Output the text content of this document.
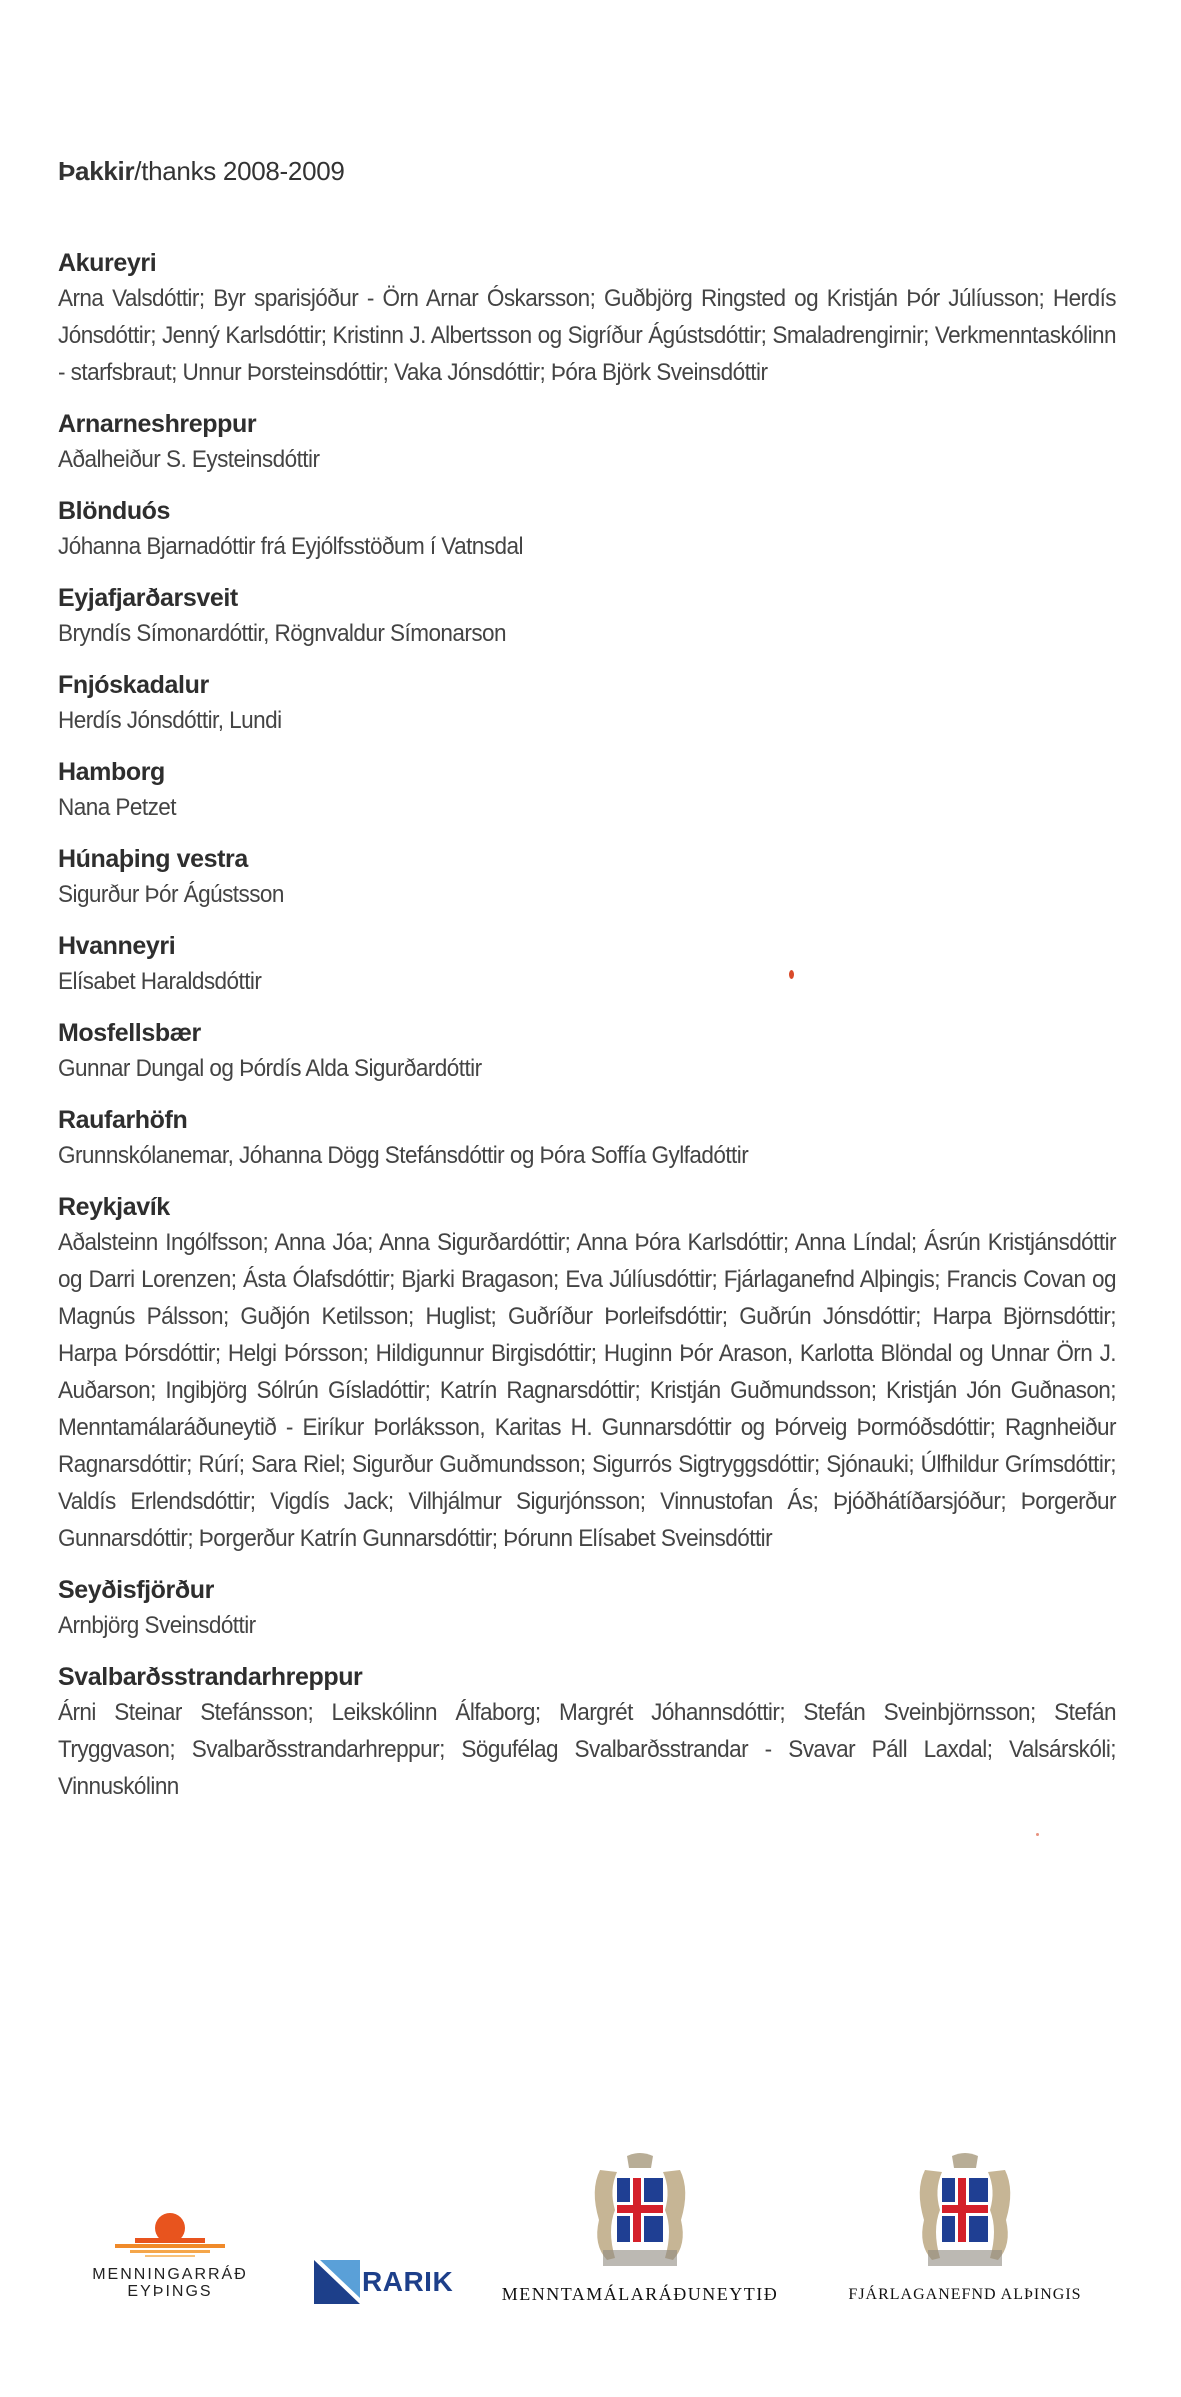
Þakkir/thanks 2008-2009
Akureyri

Arna Valsdóttir; Byr sparisjóður - Örn Arnar Óskarsson; Guðbjörg Ringsted og Kristján Þór Júlíusson; Herdís Jónsdóttir; Jenný Karlsdóttir; Kristinn J. Albertsson og Sigríður Ágústsdóttir; Smaladrengirnir; Verkmenntaskólinn - starfsbraut; Unnur Þorsteinsdóttir; Vaka Jónsdóttir; Þóra Björk Sveinsdóttir

Arnarneshreppur

Aðalheiður S. Eysteinsdóttir

Blönduós

Jóhanna Bjarnadóttir frá Eyjólfsstöðum í Vatnsdal

Eyjafjarðarsveit

Bryndís Símonardóttir, Rögnvaldur Símonarson

Fnjóskadalur

Herdís Jónsdóttir, Lundi

Hamborg

Nana Petzet

Húnaþing vestra

Sigurður Þór Ágústsson

Hvanneyri

Elísabet Haraldsdóttir

Mosfellsbær

Gunnar Dungal og Þórdís Alda Sigurðardóttir

Raufarhöfn

Grunnskólanemar, Jóhanna Dögg Stefánsdóttir og Þóra Soffía Gylfadóttir

Reykjavík

Aðalsteinn Ingólfsson; Anna Jóa; Anna Sigurðardóttir; Anna Þóra Karlsdóttir; Anna Líndal; Ásrún Kristjánsdóttir og Darri Lorenzen; Ásta Ólafsdóttir; Bjarki Bragason; Eva Júlíusdóttir; Fjárlaganefnd Alþingis; Francis Covan og Magnús Pálsson; Guðjón Ketilsson; Huglist; Guðríður Þorleifsdóttir; Guðrún Jónsdóttir; Harpa Björnsdóttir; Harpa Þórsdóttir; Helgi Þórsson; Hildigunnur Birgisdóttir; Huginn Þór Arason, Karlotta Blöndal og Unnar Örn J. Auðarson; Ingibjörg Sólrún Gísladóttir; Katrín Ragnarsdóttir; Kristján Guðmundsson; Kristján Jón Guðnason; Menntamálaráðuneytið - Eiríkur Þorláksson, Karitas H. Gunnarsdóttir og Þórveig Þormóðsdóttir; Ragnheiður Ragnarsdóttir; Rúrí; Sara Riel; Sigurður Guðmundsson; Sigurrós Sigtryggsdóttir; Sjónauki; Úlfhildur Grímsdóttir; Valdís Erlendsdóttir; Vigdís Jack; Vilhjálmur Sigurjónsson; Vinnustofan Ás; Þjóðhátíðarsjóður; Þorgerður Gunnarsdóttir; Þorgerður Katrín Gunnarsdóttir; Þórunn Elísabet Sveinsdóttir

Seyðisfjörður

Arnbjörg Sveinsdóttir

Svalbarðsstrandarhreppur

Árni Steinar Stefánsson; Leikskólinn Álfaborg; Margrét Jóhannsdóttir; Stefán Sveinbjörnsson; Stefán Tryggvason; Svalbarðsstrandarhreppur; Sögufélag Svalbarðsstrandar - Svavar Páll Laxdal; Valsárskóli; Vinnuskólinn

MENNINGARRÁÐ
EYÞINGS	RARIK	MENNTAMÁLARÁÐUNEYTIÐ	FJÁRLAGANEFND ALÞINGIS
